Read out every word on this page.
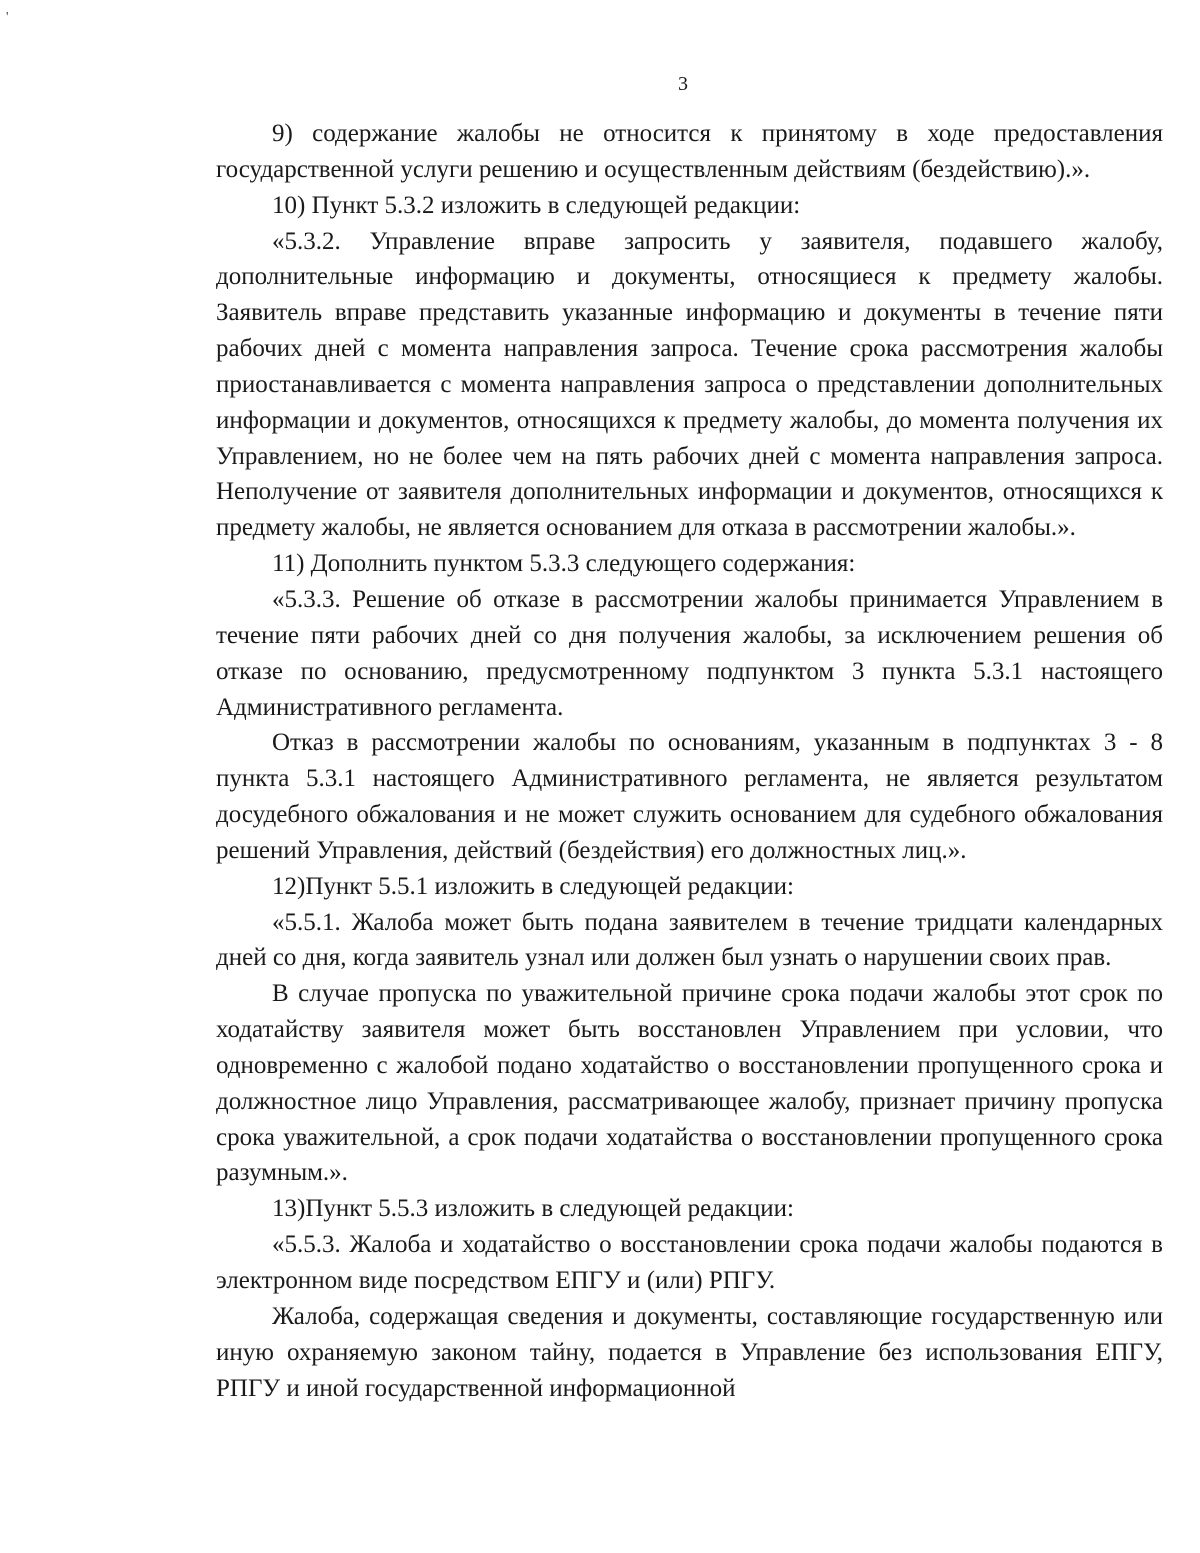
'
3

9) содержание жалобы не относится к принятому в ходе предоставления государственной услуги решению и осуществленным действиям (бездействию).».

10) Пункт 5.3.2 изложить в следующей редакции:

«5.3.2. Управление вправе запросить у заявителя, подавшего жалобу, дополнительные информацию и документы, относящиеся к предмету жалобы. Заявитель вправе представить указанные информацию и документы в течение пяти рабочих дней с момента направления запроса. Течение срока рассмотрения жалобы приостанавливается с момента направления запроса о представлении дополнительных информации и документов, относящихся к предмету жалобы, до момента получения их Управлением, но не более чем на пять рабочих дней с момента направления запроса. Неполучение от заявителя дополнительных информации и документов, относящихся к предмету жалобы, не является основанием для отказа в рассмотрении жалобы.».

11) Дополнить пунктом 5.3.3 следующего содержания:

«5.3.3. Решение об отказе в рассмотрении жалобы принимается Управлением в течение пяти рабочих дней со дня получения жалобы, за исключением решения об отказе по основанию, предусмотренному подпунктом 3 пункта 5.3.1 настоящего Административного регламента.

Отказ в рассмотрении жалобы по основаниям, указанным в подпунктах 3 - 8 пункта 5.3.1 настоящего Административного регламента, не является результатом досудебного обжалования и не может служить основанием для судебного обжалования решений Управления, действий (бездействия) его должностных лиц.».

12)Пункт 5.5.1 изложить в следующей редакции:

«5.5.1. Жалоба может быть подана заявителем в течение тридцати календарных дней со дня, когда заявитель узнал или должен был узнать о нарушении своих прав.

В случае пропуска по уважительной причине срока подачи жалобы этот срок по ходатайству заявителя может быть восстановлен Управлением при условии, что одновременно с жалобой подано ходатайство о восстановлении пропущенного срока и должностное лицо Управления, рассматривающее жалобу, признает причину пропуска срока уважительной, а срок подачи ходатайства о восстановлении пропущенного срока разумным.».

13)Пункт 5.5.3 изложить в следующей редакции:

«5.5.3. Жалоба и ходатайство о восстановлении срока подачи жалобы подаются в электронном виде посредством ЕПГУ и (или) РПГУ.

Жалоба, содержащая сведения и документы, составляющие государственную или иную охраняемую законом тайну, подается в Управление без использования ЕПГУ, РПГУ и иной государственной информационной
